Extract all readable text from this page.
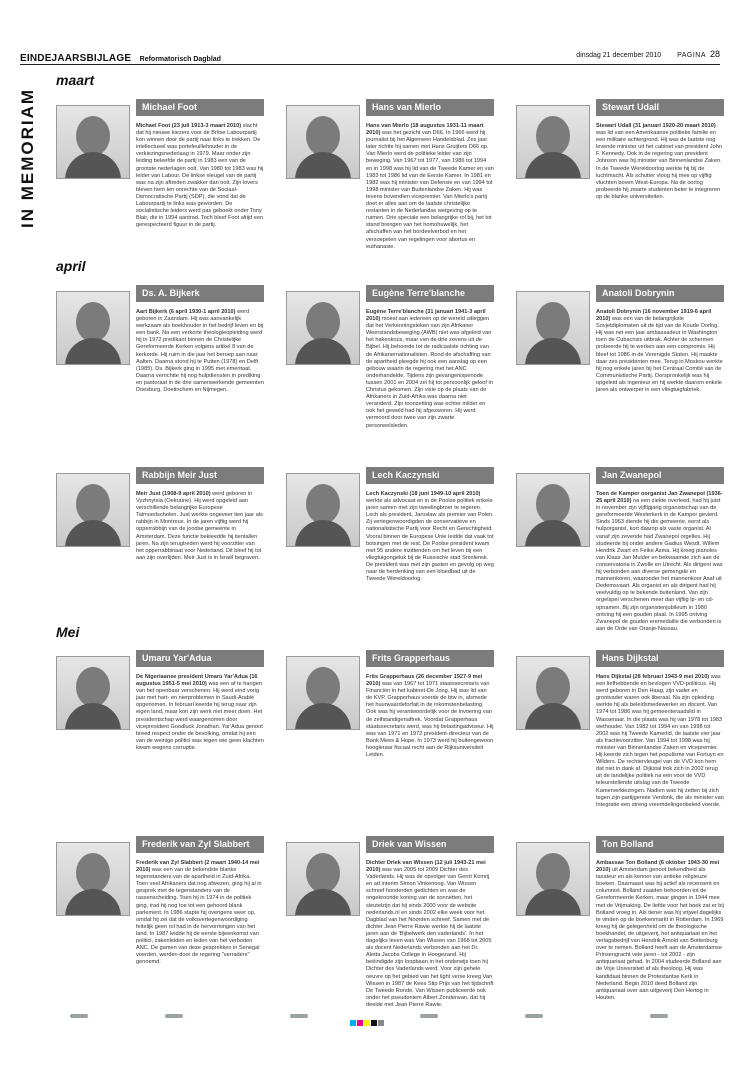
EINDEJAARSBIJLAGE Reformatorisch Dagblad
dinsdag 21 december 2010 PAGINA 28
IN MEMORIAM
maart
april
Mei
Michael Foot
Michael Foot (23 juli 1913-3 maart 2010) slacht dat hij nieuwe kiezers voor de Britse Labourpartij kon winnen door de partij naar links te trekken. De intellectueel was portefeuillehouder in de verkiezingsnederlaag in 1979. Maar onder zijn leiding beleefde de partij in 1983 een van de grootste nederlagen ooit. Van 1980 tot 1983 was hij leider van Labour. De linkse vleugel van de partij was na zijn aftreden zwakker dan ooit. Zijn lovers bleven hem ten onrechte van de Sociaal-Democratische Partij (SDP), die vond dat de Labourpartij te links was geworden. De socialistische leiders werd pas geboekt onder Tony Blair, die in 1994 aantrad. Toch bleef Foot altijd een gerespecteerd figuur in de partij.
Hans van Mierlo
Hans van Mierlo (18 augustus 1931-11 maart 2010) was het gezicht van D66. In 1966 werd hij journalist bij het Algemeen Handelsblad. Zes jaar later richtte hij samen met Hans Gruijters D66 op. Van Mierlo werd de politieke leider van zijn beweging. Van 1967 tot 1977, van 1986 tot 1994 en in 1998 was hij lid van de Tweede Kamer en van 1983 tot 1986 lid van de Eerste Kamer. In 1981 en 1982 was hij minister van Defensie en van 1994 tot 1998 minister van Buitenlandse Zaken. Hij was tevens bovendien vicepremier. Van Mierlo's partij doet er alles aan om de laatste christelijke restanten in de Nederlandse wetgeving op te ruimen. Drie speciale een belangrijke rol bij, het tot stand brengen van het homohuwelijk, het afschaffen van het bordeelverbod en het versoepelen van regelingen voor abortus en euthanasie.
Stewart Udall
Stewart Udall (31 januari 1920-20 maart 2010) was lid van een Amerikaanse politieke familie en een militaire achtergrond. Hij was de laatste nog levende minister uit het cabinet van president John F. Kennedy. Ook in de regering van president Johnson was hij minister van Binnenlandse Zaken. In de Tweede Wereldoorlog werkte hij bij de luchtmacht. Als schutter vloog hij mee op vijftig vluchten boven West-Europa. Na de oorlog probeerde hij zwarte studenten beter te integreren op de blanke universiteiten.
Ds. A. Bijkerk
Aart Bijkerk (6 april 1930-1 april 2010) werd geboren in Zaandam. Hij was aanvankelijk werkzaam als boekhouder in het bedrijf leven en bij een bank. Na een verkorte theologieopleiding werd hij in 1972 predikant binnen de Christelijke Gereformeerde Kerken volgens artikel 8 van de kerkorde. Hij ruim in die jaar het beroep aan naar Aalten. Daarna stond hij te Putten (1978) en Delft (1985). Ds. Bijkerk ging in 1995 met emeritaat. Daarna verrichtte hij nog hulpdiensten in prediking en pastoraat in de drie samenwerkende gemeenten Doesburg, Doetinchem en Nijmegen.
Eugène Terre'blanche
Eugène Terre'blanche (31 januari 1941-3 april 2010) moest aan iedereen op de wereld uitleggen dat het Verkenningsteken van zijn Afrikaner Weerstandsbeweging (AWB) niet was afgeleid van het hakenkruis, maar van de drie zevens uit de Bijbel. Hij behoorde tot de radicaalste richting van de Afrikanernationalisten. Rond de afschaffing van de apartheid pleegde hij ook een aanslag op een gebouw waarin de regering met het ANC onderhandelde. Tijdens zijn gevangenisperiode tussen 2001 en 2004 zei hij tot persoonlijk geloof in Christus gekomen. Zijn visie op de plaats van de Afrikaners in Zuid-Afrika was daarna niet veranderd. Zijn toonzetting was echter milder en ook het geweld had hij afgezworen. Hij werd vermoord door twee van zijn zwarte personeelsleden.
Anatoli Dobrynin
Anatoli Dobrynin (16 november 1919-6 april 2010) was een van de belangrijkste Sovjetdiplomaten uit de tijd van de Koude Oorlog. Hij was net een jaar ambassadeur in Washington toen de Cubacrisis uitbrak. Achter de schermen probeerde hij te werken aan een compromis. Hij bleef tot 1986 in de Verenigde Staten. Hij maakte daar zes presidenten mee. Terug in Moskou werkte hij nog enkele jaren bij het Centraal Comité van de Communistische Partij. Oorspronkelijk was hij opgeleid als ingenieur en hij werkte daarom enkele jaren als ontwerper in een vliegtuigfabriek.
Rabbijn Meir Just
Meir Just (1908-9 april 2010) werd geboren in Vyzhnytsia (Oekraïne). Hij werd opgeleid aan verschillende belangrijke Europese Talmoedscholen. Just werkte ongeveer tien jaar als rabbijn in Montreux. In de jaren vijftig werd hij opperrabbijn van de joodse gemeente in Amsterdam. Deze functie bekleedde hij tientallen jaren. Na zijn terugtreden werd hij voorzitter van het opperrabbinaat voor Nederland. Dit bleef hij tot aan zijn overlijden. Meir Just is in Israël begraven.
Lech Kaczynski
Lech Kaczynski (18 juni 1949-10 april 2010) werkte als advocaat en in de Poolse politiek enkele jaren samen met zijn tweelingbroer te regeren. Lech als president, Jarosław als premier van Polen. Zij vertegenwoordigden de conservatieve en nationalistische Partij voor Recht en Gerechtigheid. Vooral binnen de Europese Unie leidde dat vaak tot botsingen met de rest. De Poolse president kwam met 95 andere inzittenden om het leven bij een vliegtuigongeluk bij de Russische stad Smolensk. De president was met zijn gasten en gevolg op weg naar de herdenking van een bloedbad uit de Tweede Wereldoorlog.
Jan Zwanepol
Toen de Kamper oorganist Jan Zwanepol (1936-25 april 2010) na een ziekte overleed, had hij juist in november zijn vijftigjarig organistschap van de gereformeerde Westerkerk in de Kamper gevierd. Sinds 1963 diende hij die gemeente, eerst als hulporganist, kort daarop als vaste organist. Al vanaf zijn zevende had Zwanepol orgelles. Hij studeerde bij onder andere Gadius Wesdt, Willem Hendrik Zwart en Feike Asma. Hij kreeg pianoles van Klaas Jan Mulder en bekwaamde zich aan de conservatoria in Zwolle en Utrecht. Als dirigent was hij verbonden aan diverse gemengde en mannenkoren, waaronder het mannenkoor Asaf uit Dedemsvaart. Als organist en als dirigent had hij veelvuldig op te bekende buitenland. Van zijn orgelspel verschenen meer dan vijftig lp- en cd-opnamen. Bij zijn organistenjubileum in 1980 ontving hij een gouden plaat. In 1995 ontving Zwanepol de gouden eremedaille die verbonden is aan de Orde van Oranje-Nassau.
Umaru Yar'Adua
De Nigeriaanse president Umaru Yar'Adua (16 augustus 1951-5 mei 2010) was een af te hangen van het openbaar verschenen. Hij werd eind vorig jaar met hart- en nierproblemen in Saudi-Arabië opgenomen. In februari keerde hij terug naar zijn eigen land, maar kon zijn werk niet meer doen. Het presidentschap werd waargenomen door vicepresident Goodluck Jonathan. Yar'Adua genoot breed respect onder de bevolking, omdat hij een van de weinige politici was tegen wie geen klachten kwam wegens corruptie.
Frits Grapperhaus
Frits Grapperhaus (26 december 1927-9 mei 2010) was van 1967 tot 1971 staatssecretaris van Financiën in het kabinet-De Jong. Hij was lid van de KVP. Grapperhaus voerde de btw in, alsmede het huurwaardeforfait in de inkomstenbelasting. Ook was hij verantwoordelijk voor de invoering van de zelfstandigenaftrek. Voordat Grapperhaus staatssecretaris werd, was hij belastingadviseur. Hij was van 1971 en 1972 president-directeur van de Bank Mees & Hope. In 1973 werd hij buitengewoon hoogleraar fiscaal recht aan de Rijksuniversiteit Leiden.
Hans Dijkstal
Hans Dijkstal (28 februari 1943-9 mei 2010) was een liefhebbende en bevlogen VVD-politicus. Hij werd geboren in Den Haag, zijn vader en grootvader waren ook liberaal. Na zijn opleiding werkte hij als beleidsmedewerker en docent. Van 1974 tot 1986 was hij gemeenteraadslid in Wassenaar. In die plaats was hij van 1978 tot 1983 wethouder. Van 1982 tot 1994 en van 1998 tot 2002 was hij Tweede Kamerlid, de laatste vier jaar als fractievoorzitter. Van 1994 tot 1998 was hij minister van Binnenlandse Zaken en vicepremier. Hij keerde zich tegen het populisme van Fortuyn en Wilders. De rechtervleugel van de VVD kon hem dat niet in dank af. Dijkstal trok zich in 2002 terug uit de landelijke politiek na een voor de VVD teleurstellende uitslag van de Tweede Kamerverkiezingen. Nadien was hij zetten bij zich tegen zijn partijgenote Verdonk, die als minister van Integratie een streng vreemdelingenbeleid voerde.
Frederik van Zyl Slabbert
Frederik van Zyl Slabbert (2 maart 1940-14 mei 2010) was een van de bekendste blanke tegenstanders van de apartheid in Zuid-Afrika. Toen veel Afrikaners dat nog afwezen, ging hij al in gesprek met de tegenstanders van de rassenscheiding. Toen hij in 1974 in de politiek ging, trad hij nog toe tot een gehoord blank parlement. In 1986 stapte hij overigens weer op, omdat hij zei dat de volksvertegenwoordiging feitelijk geen rol had in de hervormingen van het land. In 1987 leidde hij de eerste bijeenkomst van politici, zakenleiden en leden van het verboden ANC. De gamen van deze gesprekken in Senegal voerden, werden door de regering "verraders" genoemd.
Driek van Wissen
Dichter Driek van Wissen (12 juli 1943-21 mei 2010) was van 2005 tot 2009 Dichter des Vaderlands. Hij was de opvolger van Gerrit Komrij en ad interim Simon Vinkenoog. Van Wissen schreef honderden gedichten en was de ongekroonde koning van de sonnetten, het sleutelzijn dat hij sinds 2000 voor de website nederlands.nl en sinds 2002 elke week voor het Dagblad van het Noorden schreef. Samen met de dichter Jean Pierre Rawie werkte hij de laatste jaren aan de 'Bijbelwerk den vaderlands'. In het dagelijks leven was Van Wissen van 1968 tot 2005 als docent Nederlands verbonden aan het Dr. Aletta Jacobs College in Hoogezand. Hij beëindigde zijn loopbaan in het onderwijs toen hij Dichter des Vaderlands werd. Voor zijn gehele oeuvre op het gebied van het light verse kreeg Van Wissen in 1987 de Kees Stip Prijs van het tijdschrift De Tweede Ronde. Van Wissen publiceerde ook onder het pseudoniem Albert Zonderwan, dat hij deelde met Jean Pierre Rawie.
Ton Bolland
Ambassae Ton Bolland (6 oktober 1943-30 mei 2010) uit Amsterdam genoot bekendheid als taxateur en als kenner van antieke religieuze boeken. Daarnaast was hij actief als recensent en columnist. Bolland zaaiden behoorden tot de Gereformeerde Kerken, maar gingen in 1944 mee met de Vrijmaking. De liefde voor het boek zat er bij Bolland vroeg in. Als tiener was hij vrijwel dagelijks te vinden op de boekenmarkt in Rotterdam. In 1969 kreeg hij de gelegenheid om de theologische boekhandel, de uitgeverij, het antiquariaat en het verlagsbedrijf van Hendrik Arnold van Bottenburg over te nemen. Bolland heeft aan de Amsterdamse Prinsengracht vele jaren - tot 2002 - zijn antiquariaat gehad. In 2004 studeerde Bolland aan de Vrije Universiteit af als theoloog. Hij was kandidaat binnen de Protestantse Kerk in Nederland. Begin 2010 deed Bolland zijn antiquariaat over aan uitgeverij Den Hertog in Houten.
